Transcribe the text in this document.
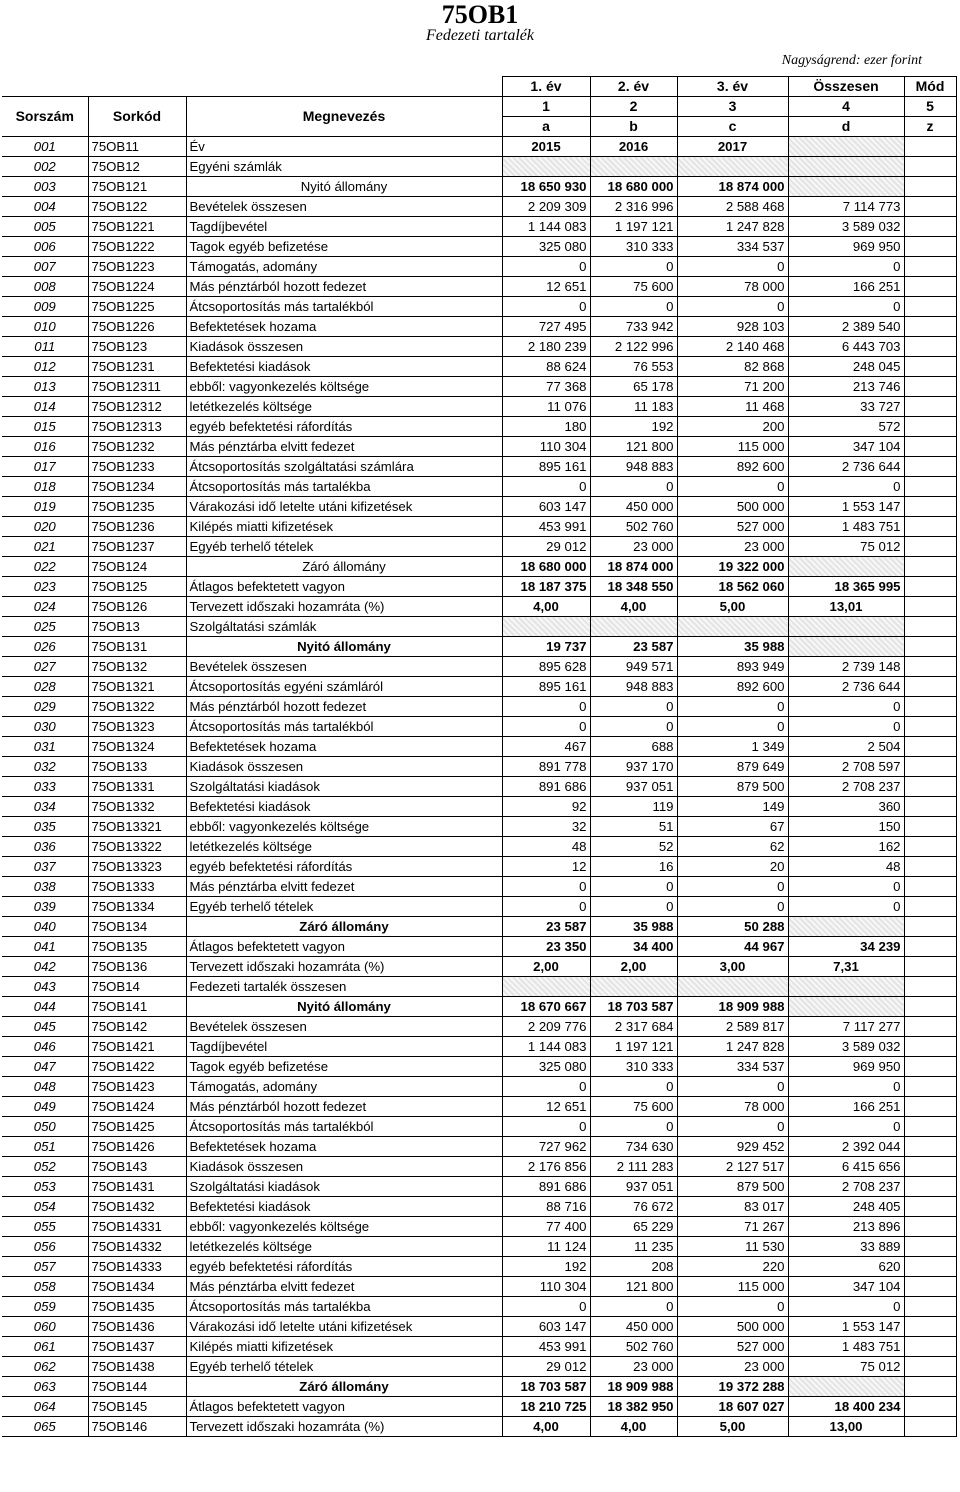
75OB1
Fedezeti tartalék
Nagyságrend: ezer forint
			1. év	2. év	3. év	Összesen	Mód
Sorszám	Sorkód	Megnevezés	1	2	3	4	5
			a	b	c	d	z
001	75OB11	Év	2015	2016	2017		
002	75OB12	Egyéni számlák					
003	75OB121	Nyitó állomány	18 650 930	18 680 000	18 874 000		
004	75OB122	Bevételek összesen	2 209 309	2 316 996	2 588 468	7 114 773	
005	75OB1221	Tagdíjbevétel	1 144 083	1 197 121	1 247 828	3 589 032	
006	75OB1222	Tagok egyéb befizetése	325 080	310 333	334 537	969 950	
007	75OB1223	Támogatás, adomány	0	0	0	0	
008	75OB1224	Más pénztárból hozott fedezet	12 651	75 600	78 000	166 251	
009	75OB1225	Átcsoportosítás más tartalékból	0	0	0	0	
010	75OB1226	Befektetések hozama	727 495	733 942	928 103	2 389 540	
011	75OB123	Kiadások összesen	2 180 239	2 122 996	2 140 468	6 443 703	
012	75OB1231	Befektetési kiadások	88 624	76 553	82 868	248 045	
013	75OB12311	ebből: vagyonkezelés költsége	77 368	65 178	71 200	213 746	
014	75OB12312	letétkezelés költsége	11 076	11 183	11 468	33 727	
015	75OB12313	egyéb befektetési ráfordítás	180	192	200	572	
016	75OB1232	Más pénztárba elvitt fedezet	110 304	121 800	115 000	347 104	
017	75OB1233	Átcsoportosítás szolgáltatási számlára	895 161	948 883	892 600	2 736 644	
018	75OB1234	Átcsoportosítás más tartalékba	0	0	0	0	
019	75OB1235	Várakozási idő letelte utáni kifizetések	603 147	450 000	500 000	1 553 147	
020	75OB1236	Kilépés miatti kifizetések	453 991	502 760	527 000	1 483 751	
021	75OB1237	Egyéb terhelő tételek	29 012	23 000	23 000	75 012	
022	75OB124	Záró állomány	18 680 000	18 874 000	19 322 000		
023	75OB125	Átlagos befektetett vagyon	18 187 375	18 348 550	18 562 060	18 365 995	
024	75OB126	Tervezett időszaki hozamráta (%)	4,00	4,00	5,00	13,01	
025	75OB13	Szolgáltatási számlák					
026	75OB131	Nyitó állomány	19 737	23 587	35 988		
027	75OB132	Bevételek összesen	895 628	949 571	893 949	2 739 148	
028	75OB1321	Átcsoportosítás egyéni számláról	895 161	948 883	892 600	2 736 644	
029	75OB1322	Más pénztárból hozott fedezet	0	0	0	0	
030	75OB1323	Átcsoportosítás más tartalékból	0	0	0	0	
031	75OB1324	Befektetések hozama	467	688	1 349	2 504	
032	75OB133	Kiadások összesen	891 778	937 170	879 649	2 708 597	
033	75OB1331	Szolgáltatási kiadások	891 686	937 051	879 500	2 708 237	
034	75OB1332	Befektetési kiadások	92	119	149	360	
035	75OB13321	ebből: vagyonkezelés költsége	32	51	67	150	
036	75OB13322	letétkezelés költsége	48	52	62	162	
037	75OB13323	egyéb befektetési ráfordítás	12	16	20	48	
038	75OB1333	Más pénztárba elvitt fedezet	0	0	0	0	
039	75OB1334	Egyéb terhelő tételek	0	0	0	0	
040	75OB134	Záró állomány	23 587	35 988	50 288		
041	75OB135	Átlagos befektetett vagyon	23 350	34 400	44 967	34 239	
042	75OB136	Tervezett időszaki hozamráta (%)	2,00	2,00	3,00	7,31	
043	75OB14	Fedezeti tartalék összesen					
044	75OB141	Nyitó állomány	18 670 667	18 703 587	18 909 988		
045	75OB142	Bevételek összesen	2 209 776	2 317 684	2 589 817	7 117 277	
046	75OB1421	Tagdíjbevétel	1 144 083	1 197 121	1 247 828	3 589 032	
047	75OB1422	Tagok egyéb befizetése	325 080	310 333	334 537	969 950	
048	75OB1423	Támogatás, adomány	0	0	0	0	
049	75OB1424	Más pénztárból hozott fedezet	12 651	75 600	78 000	166 251	
050	75OB1425	Átcsoportosítás más tartalékból	0	0	0	0	
051	75OB1426	Befektetések hozama	727 962	734 630	929 452	2 392 044	
052	75OB143	Kiadások összesen	2 176 856	2 111 283	2 127 517	6 415 656	
053	75OB1431	Szolgáltatási kiadások	891 686	937 051	879 500	2 708 237	
054	75OB1432	Befektetési kiadások	88 716	76 672	83 017	248 405	
055	75OB14331	ebből: vagyonkezelés költsége	77 400	65 229	71 267	213 896	
056	75OB14332	letétkezelés költsége	11 124	11 235	11 530	33 889	
057	75OB14333	egyéb befektetési ráfordítás	192	208	220	620	
058	75OB1434	Más pénztárba elvitt fedezet	110 304	121 800	115 000	347 104	
059	75OB1435	Átcsoportosítás más tartalékba	0	0	0	0	
060	75OB1436	Várakozási idő letelte utáni kifizetések	603 147	450 000	500 000	1 553 147	
061	75OB1437	Kilépés miatti kifizetések	453 991	502 760	527 000	1 483 751	
062	75OB1438	Egyéb terhelő tételek	29 012	23 000	23 000	75 012	
063	75OB144	Záró állomány	18 703 587	18 909 988	19 372 288		
064	75OB145	Átlagos befektetett vagyon	18 210 725	18 382 950	18 607 027	18 400 234	
065	75OB146	Tervezett időszaki hozamráta (%)	4,00	4,00	5,00	13,00	
